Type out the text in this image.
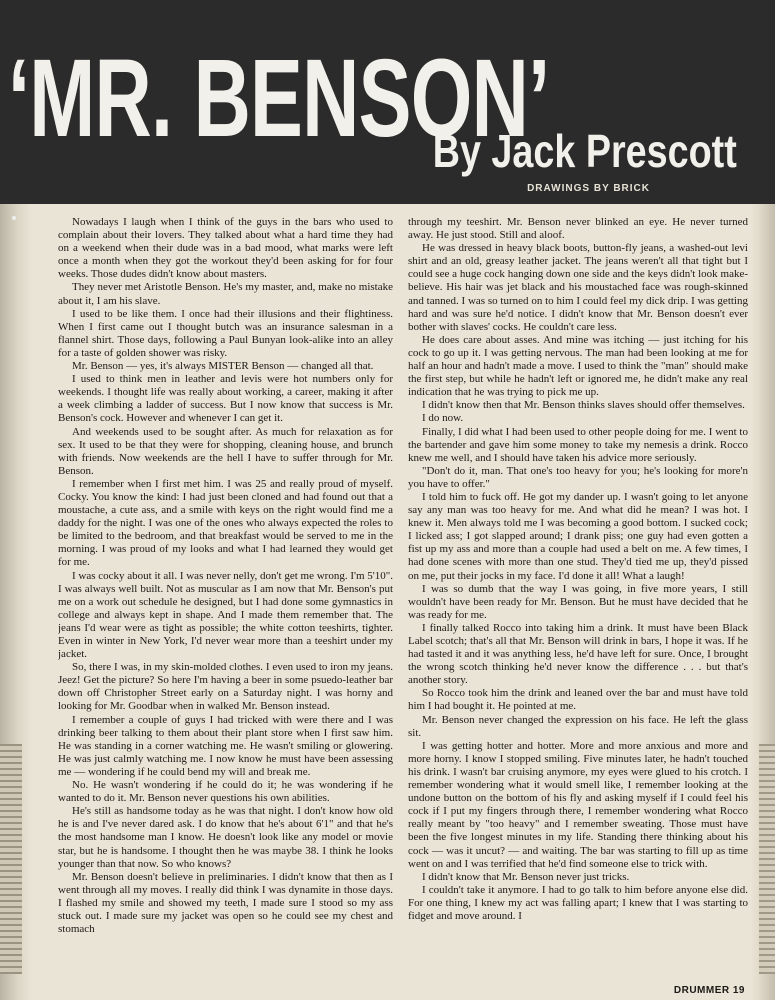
‘MR. BENSON’
By Jack Prescott
DRAWINGS BY BRICK

Nowadays I laugh when I think of the guys in the bars who used to complain about their lovers. They talked about what a hard time they had on a weekend when their dude was in a bad mood, what marks were left once a month when they got the workout they'd been asking for for four weeks. Those dudes didn't know about masters.

They never met Aristotle Benson. He's my master, and, make no mistake about it, I am his slave.

I used to be like them. I once had their illusions and their flightiness. When I first came out I thought butch was an insurance salesman in a flannel shirt. Those days, following a Paul Bunyan look-alike into an alley for a taste of golden shower was risky.

Mr. Benson — yes, it's always MISTER Benson — changed all that.

I used to think men in leather and levis were hot numbers only for weekends. I thought life was really about working, a career, making it after a week climbing a ladder of success. But I now know that success is Mr. Benson's cock. However and whenever I can get it.

And weekends used to be sought after. As much for relaxation as for sex. It used to be that they were for shopping, cleaning house, and brunch with friends. Now weekends are the hell I have to suffer through for Mr. Benson.

I remember when I first met him. I was 25 and really proud of myself. Cocky. You know the kind: I had just been cloned and had found out that a moustache, a cute ass, and a smile with keys on the right would find me a daddy for the night. I was one of the ones who always expected the roles to be limited to the bedroom, and that breakfast would be served to me in the morning. I was proud of my looks and what I had learned they would get for me.

I was cocky about it all. I was never nelly, don't get me wrong. I'm 5'10". I was always well built. Not as muscular as I am now that Mr. Benson's put me on a work out schedule he designed, but I had done some gymnastics in college and always kept in shape. And I made them remember that. The jeans I'd wear were as tight as possible; the white cotton teeshirts, tighter. Even in winter in New York, I'd never wear more than a teeshirt under my jacket.

So, there I was, in my skin-molded clothes. I even used to iron my jeans. Jeez! Get the picture? So here I'm having a beer in some psuedo-leather bar down off Christopher Street early on a Saturday night. I was horny and looking for Mr. Goodbar when in walked Mr. Benson instead.

I remember a couple of guys I had tricked with were there and I was drinking beer talking to them about their plant store when I first saw him. He was standing in a corner watching me. He wasn't smiling or glowering. He was just calmly watching me. I now know he must have been assessing me — wondering if he could bend my will and break me.

No. He wasn't wondering if he could do it; he was wondering if he wanted to do it. Mr. Benson never questions his own abilities.

He's still as handsome today as he was that night. I don't know how old he is and I've never dared ask. I do know that he's about 6'1" and that he's the most handsome man I know. He doesn't look like any model or movie star, but he is handsome. I thought then he was maybe 38. I think he looks younger than that now. So who knows?

Mr. Benson doesn't believe in preliminaries. I didn't know that then as I went through all my moves. I really did think I was dynamite in those days. I flashed my smile and showed my teeth, I made sure I stood so my ass stuck out. I made sure my jacket was open so he could see my chest and stomach

through my teeshirt. Mr. Benson never blinked an eye. He never turned away. He just stood. Still and aloof.

He was dressed in heavy black boots, button-fly jeans, a washed-out levi shirt and an old, greasy leather jacket. The jeans weren't all that tight but I could see a huge cock hanging down one side and the keys didn't look make-believe. His hair was jet black and his moustached face was rough-skinned and tanned. I was so turned on to him I could feel my dick drip. I was getting hard and was sure he'd notice. I didn't know that Mr. Benson doesn't ever bother with slaves' cocks. He couldn't care less.

He does care about asses. And mine was itching — just itching for his cock to go up it. I was getting nervous. The man had been looking at me for half an hour and hadn't made a move. I used to think the "man" should make the first step, but while he hadn't left or ignored me, he didn't make any real indication that he was trying to pick me up.

I didn't know then that Mr. Benson thinks slaves should offer themselves.

I do now.

Finally, I did what I had been used to other people doing for me. I went to the bartender and gave him some money to take my nemesis a drink. Rocco knew me well, and I should have taken his advice more seriously.

"Don't do it, man. That one's too heavy for you; he's looking for more'n you have to offer."

I told him to fuck off. He got my dander up. I wasn't going to let anyone say any man was too heavy for me. And what did he mean? I was hot. I knew it. Men always told me I was becoming a good bottom. I sucked cock; I licked ass; I got slapped around; I drank piss; one guy had even gotten a fist up my ass and more than a couple had used a belt on me. A few times, I had done scenes with more than one stud. They'd tied me up, they'd pissed on me, put their jocks in my face. I'd done it all! What a laugh!

I was so dumb that the way I was going, in five more years, I still wouldn't have been ready for Mr. Benson. But he must have decided that he was ready for me.

I finally talked Rocco into taking him a drink. It must have been Black Label scotch; that's all that Mr. Benson will drink in bars, I hope it was. If he had tasted it and it was anything less, he'd have left for sure. Once, I brought the wrong scotch thinking he'd never know the difference . . . but that's another story.

So Rocco took him the drink and leaned over the bar and must have told him I had bought it. He pointed at me.

Mr. Benson never changed the expression on his face. He left the glass sit.

I was getting hotter and hotter. More and more anxious and more and more horny. I know I stopped smiling. Five minutes later, he hadn't touched his drink. I wasn't bar cruising anymore, my eyes were glued to his crotch. I remember wondering what it would smell like, I remember looking at the undone button on the bottom of his fly and asking myself if I could feel his cock if I put my fingers through there, I remember wondering what Rocco really meant by "too heavy" and I remember sweating. Those must have been the five longest minutes in my life. Standing there thinking about his cock — was it uncut? — and waiting. The bar was starting to fill up as time went on and I was terrified that he'd find someone else to trick with.

I didn't know that Mr. Benson never just tricks.

I couldn't take it anymore. I had to go talk to him before anyone else did. For one thing, I knew my act was falling apart; I knew that I was starting to fidget and move around. I

DRUMMER 19
